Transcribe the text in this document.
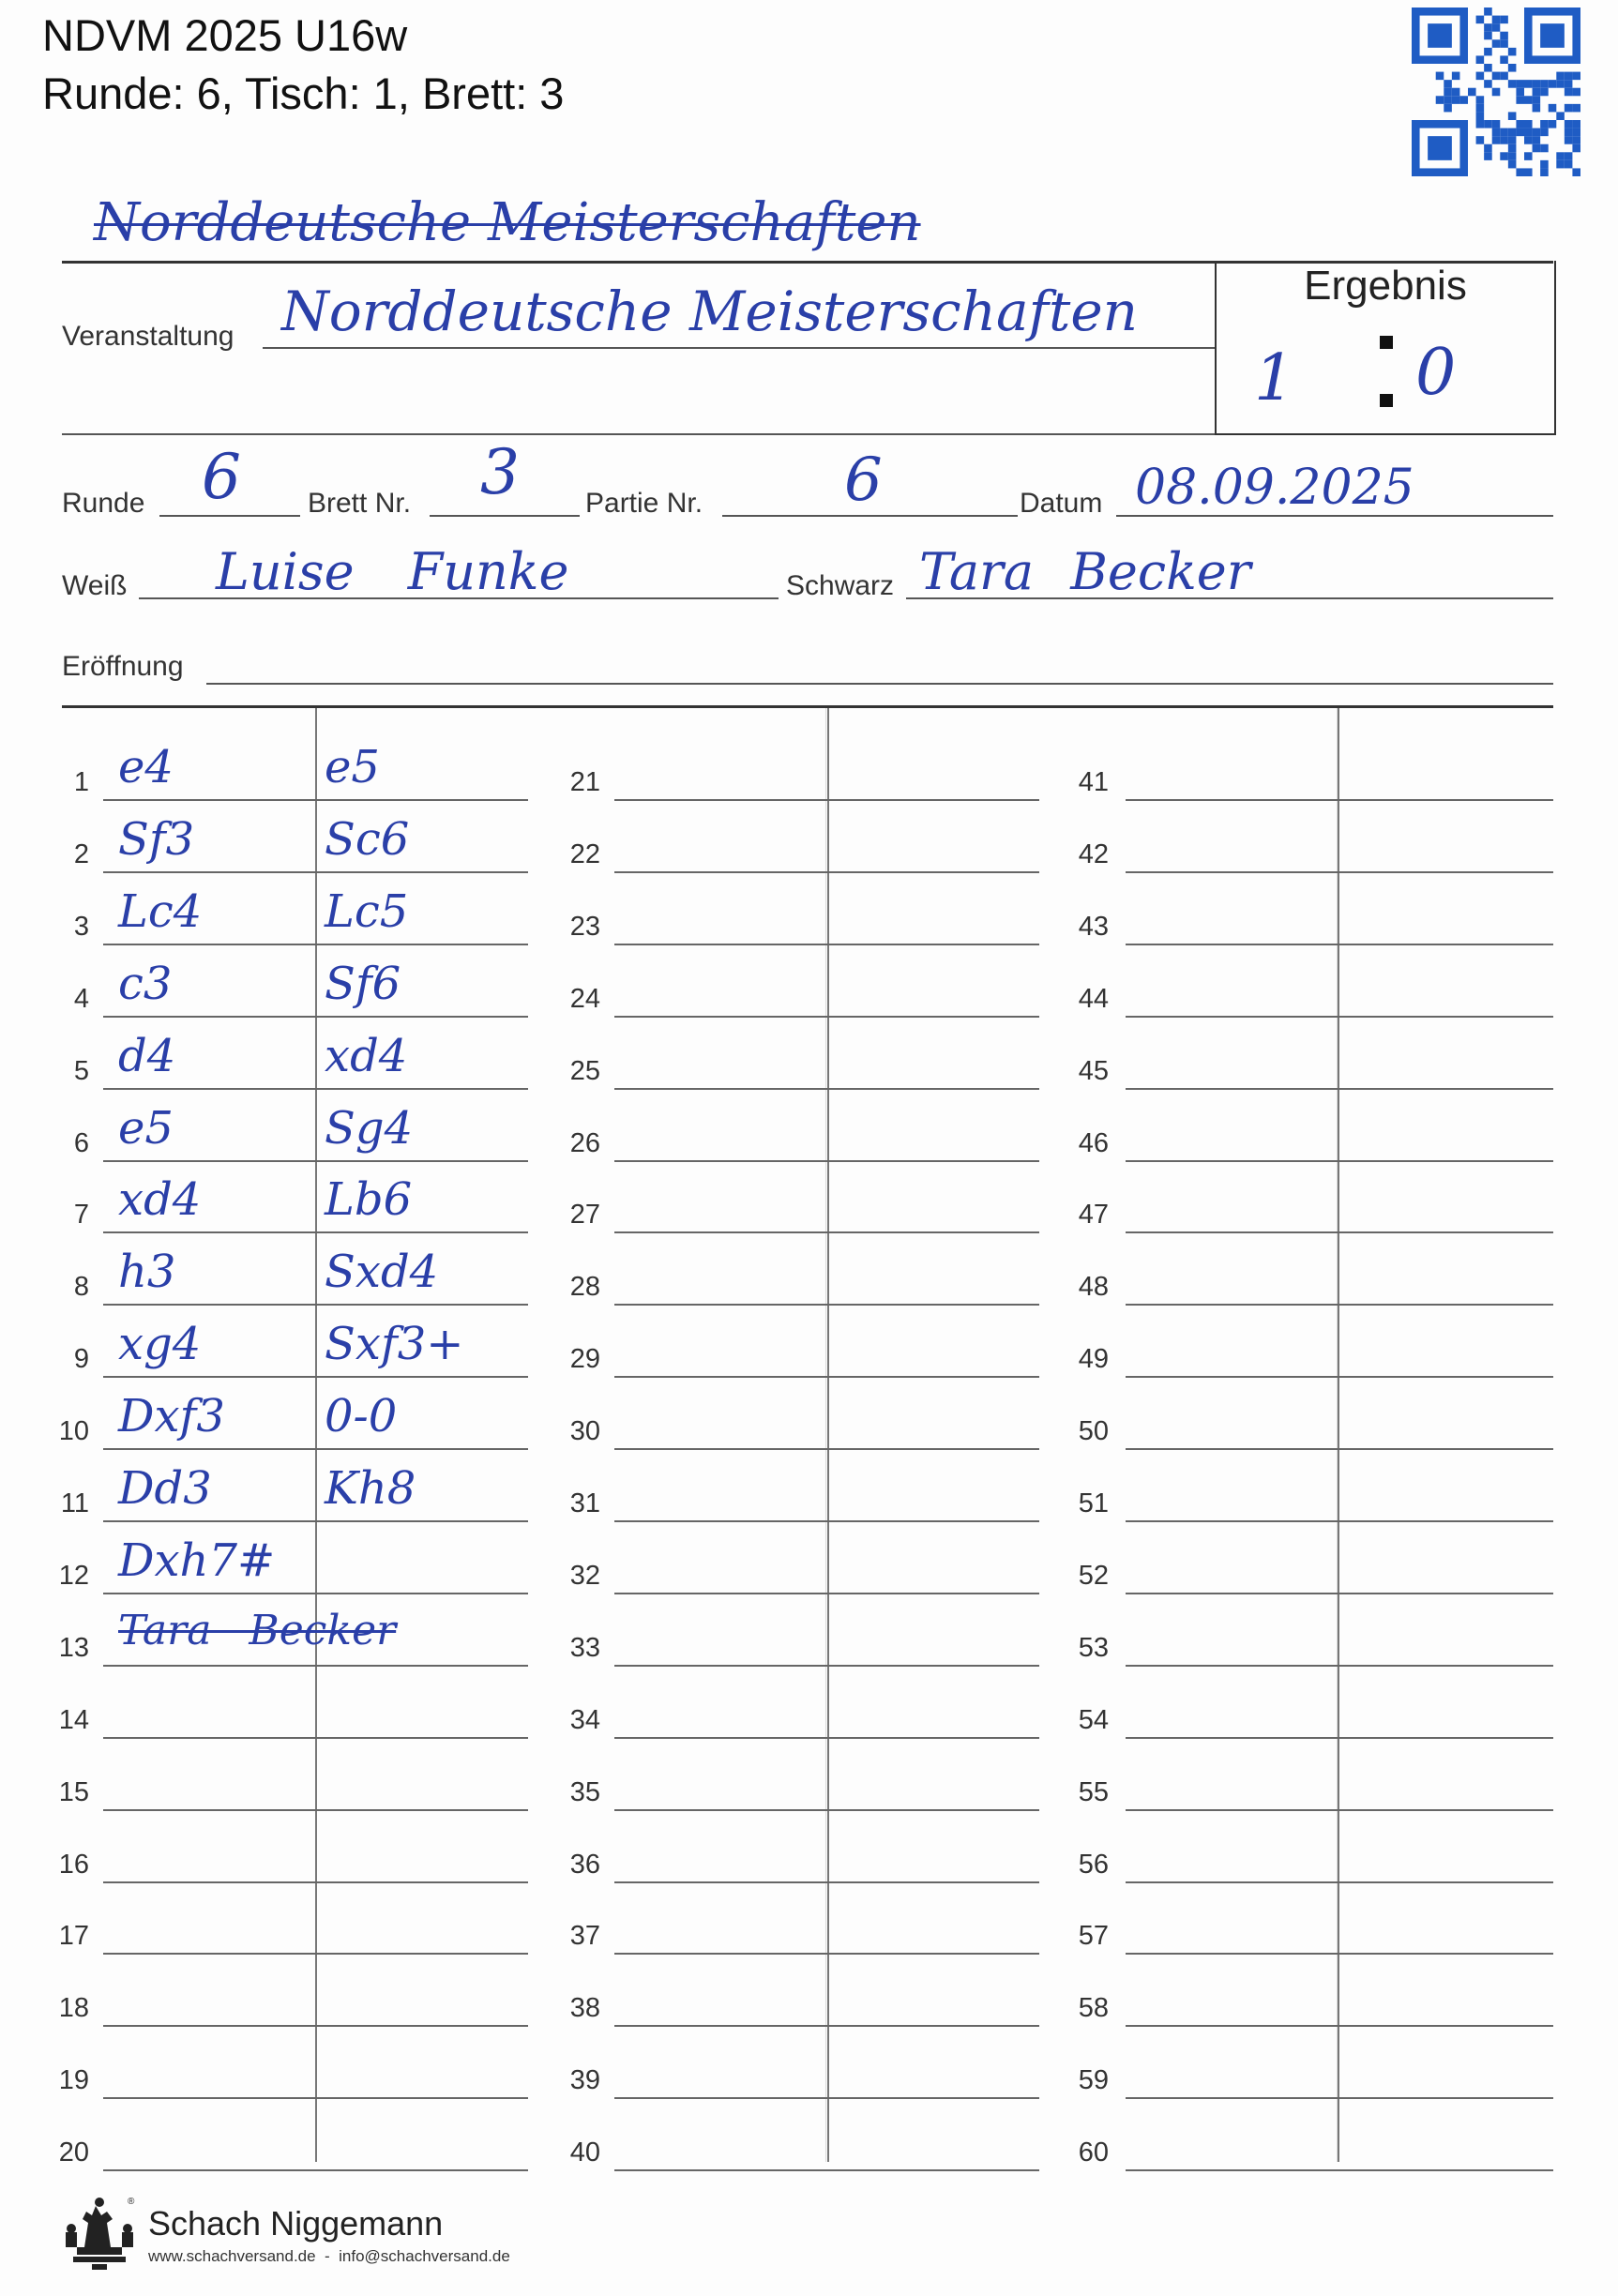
NDVM 2025 U16w
Runde: 6, Tisch: 1, Brett: 3
Norddeutsche Meisterschaften
Veranstaltung Norddeutsche Meisterschaften	Ergebnis
1 0
Runde 6 Brett Nr. 3 Partie Nr. 6	Datum 08.09.2025
Weiß Luise Funke	Schwarz Tara Becker
Eröffnung
1 e4	e5
2 Sf3	Sc6
3 Lc4	Lc5
4 c3	Sf6
5 d4	xd4
6 e5	Sg4
7 xd4	Lb6
8 h3	Sxd4
9 xg4	Sxf3+
10 Dxf3 0-0
11 Dd3	Kh8
12 Dxh7#
13 Tara Becker
14
15
16
17
18
19
20
21
22
23
24
25
26
27
28
29
30
31
32
33
34
35
36
37
38
39
40
41
42
43
44
45
46
47
48
49
50
51
52
53
54
55
56
57
58
59
60
®
Schach Niggemann
www.schachversand.de  -  info@schachversand.de
